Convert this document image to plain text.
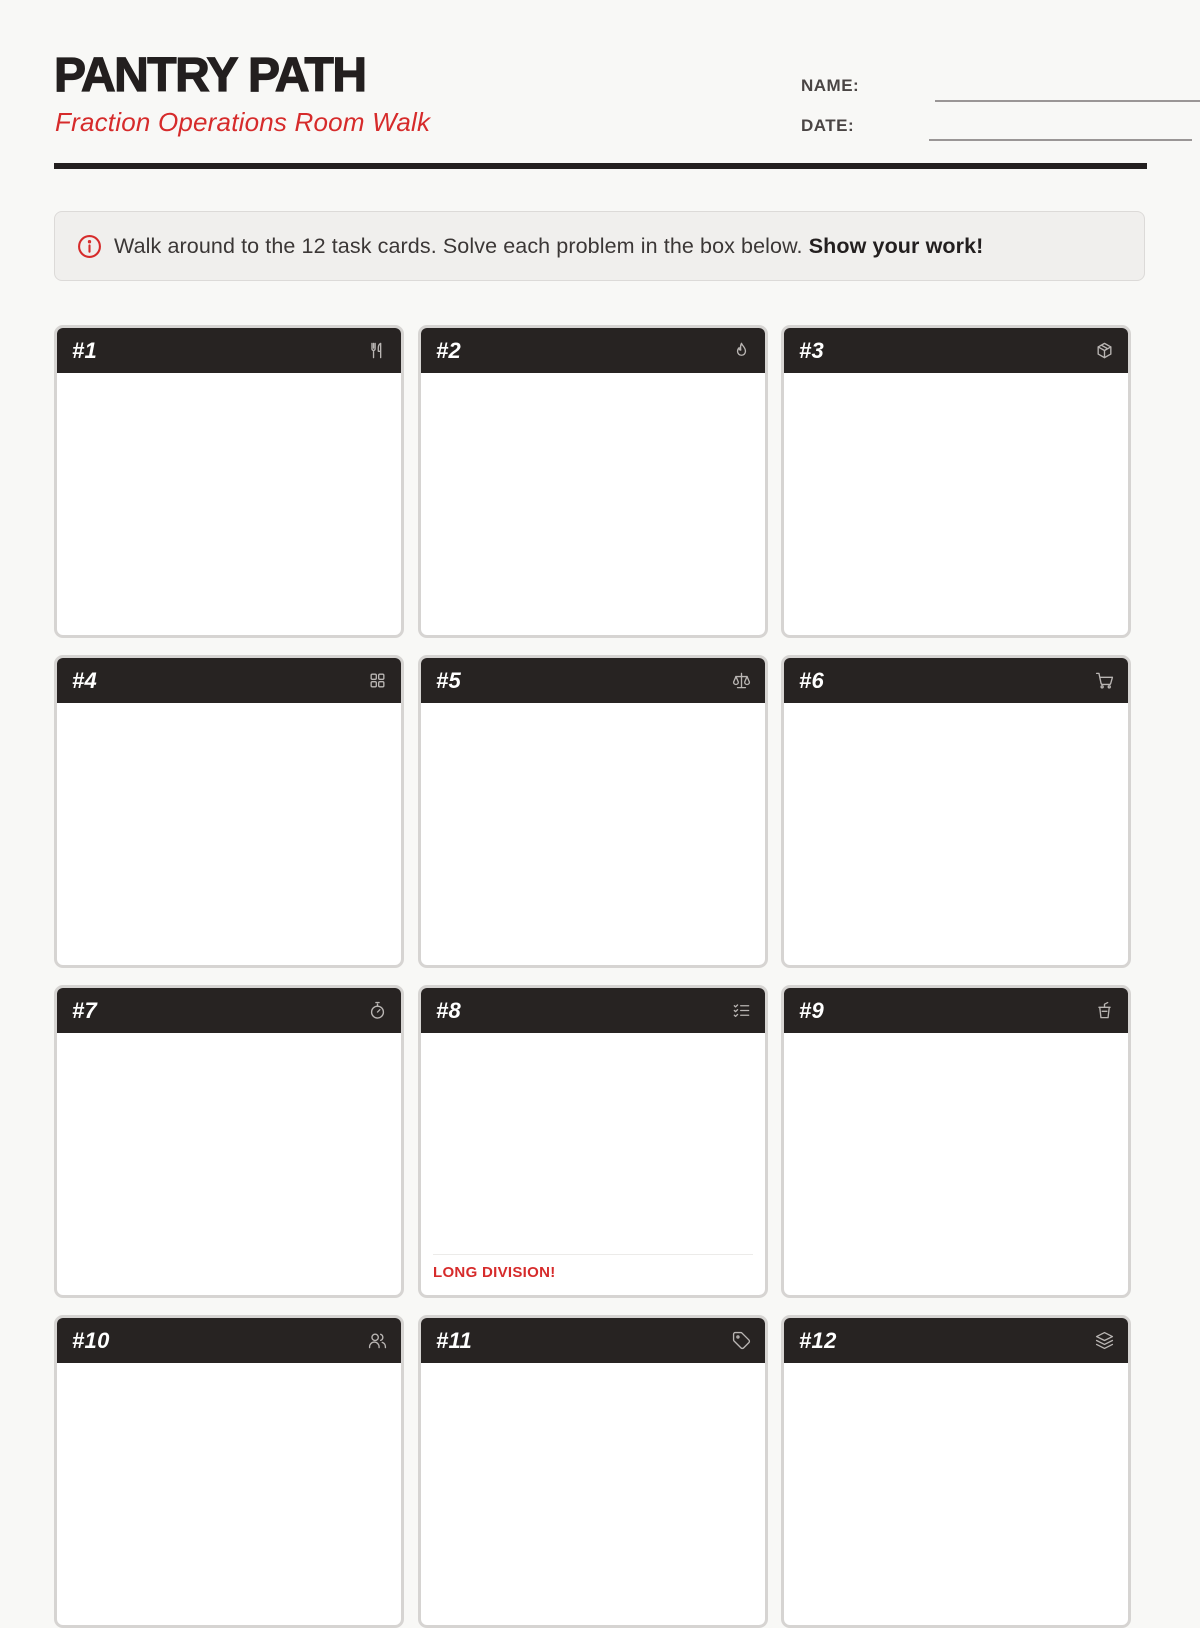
PANTRY PATH
Fraction Operations Room Walk
NAME:
DATE:
Walk around to the 12 task cards. Solve each problem in the box below. Show your work!
#1	#2	#3
#4	#5	#6
#7	#8
LONG DIVISION!
#9
#10	#11	#12
